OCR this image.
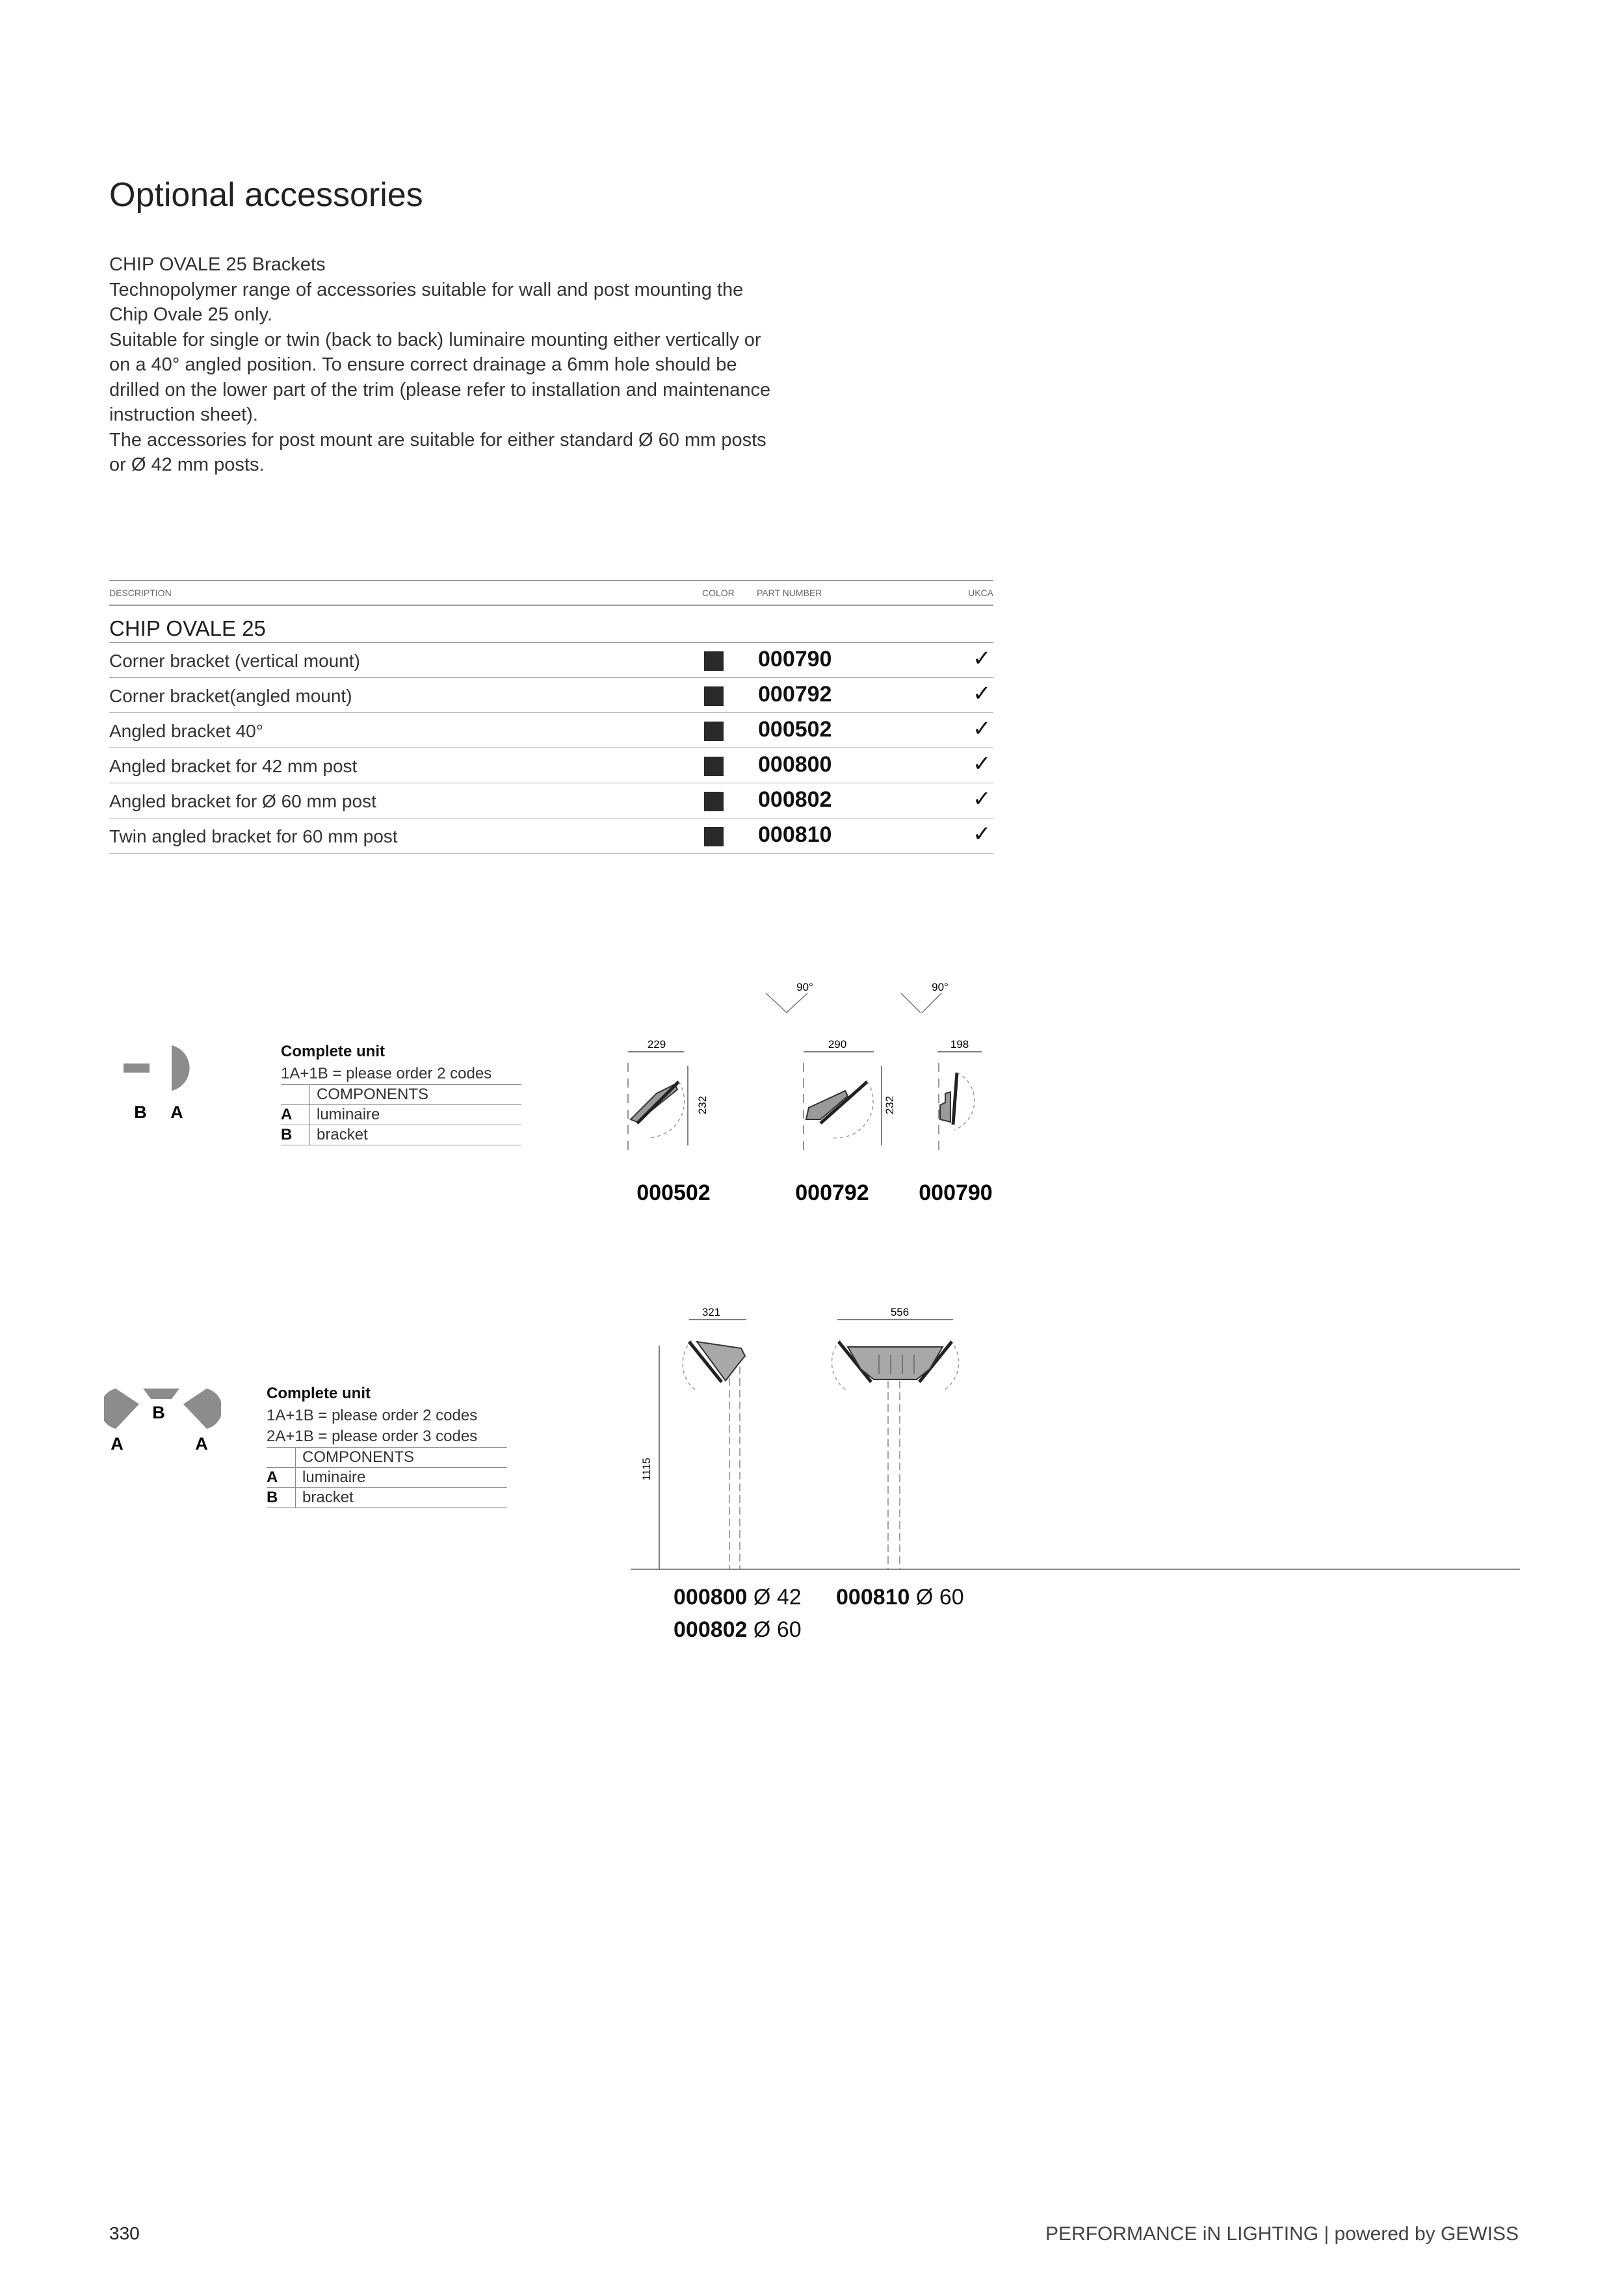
Optional accessories

CHIP OVALE 25 Brackets

Technopolymer range of accessories suitable for wall and post mounting the Chip Ovale 25 only.

Suitable for single or twin (back to back) luminaire mounting either vertically or on a 40° angled position. To ensure correct drainage a 6mm hole should be drilled on the lower part of the trim (please refer to installation and maintenance instruction sheet).

The accessories for post mount are suitable for either standard Ø 60 mm posts or Ø 42 mm posts.

DESCRIPTION	COLOR PART NUMBER	UKCA
CHIP OVALE 25
Corner bracket (vertical mount)	000790	✓
Corner bracket(angled mount)	000792	✓
Angled bracket 40°	000502	✓
Angled bracket for 42 mm post	000800	✓
Angled bracket for Ø 60 mm post	000802	✓
Twin angled bracket for 60 mm post	000810	✓
B A
Complete unit
1A+1B = please order 2 codes
	COMPONENTS
A	luminaire
B	bracket
229
232
000502
90°
290
232
000792
90°
198
000790
B
A	A
Complete unit
1A+1B = please order 2 codes
2A+1B = please order 3 codes
	COMPONENTS
A	luminaire
B	bracket
1115
321	556
000800 Ø 42
000802 Ø 60
000810 Ø 60
330	PERFORMANCE iN LIGHTING | powered by GEWISS
